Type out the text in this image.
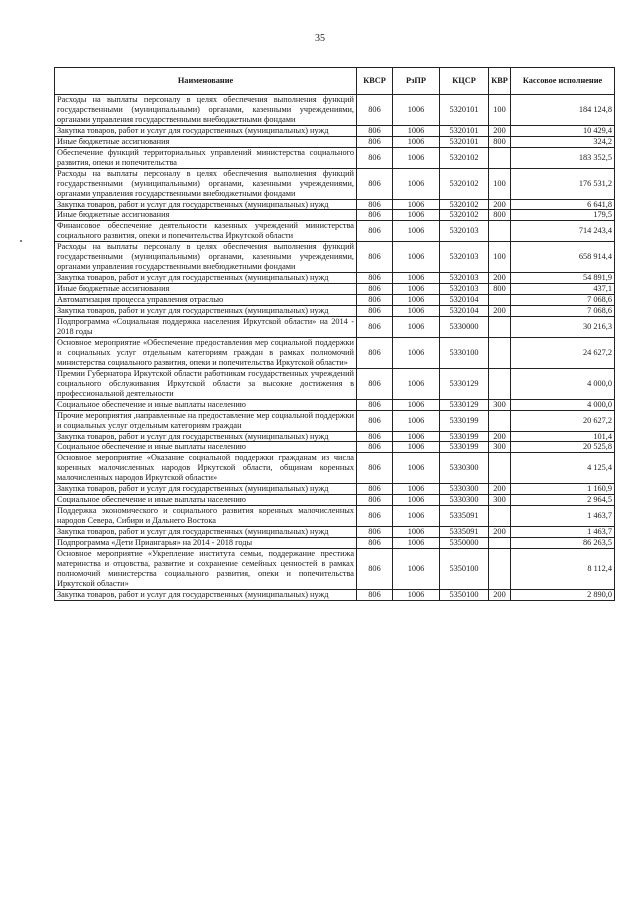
35
Наименование	КВСР	РзПР	КЦСР	КВР	Кассовое исполнение
Расходы на выплаты персоналу в целях обеспечения выполнения функций государственными (муниципальными) органами, казенными учреждениями, органами управления государственными внебюджетными фондами	806	1006	5320101	100	184 124,8
Закупка товаров, работ и услуг для государственных (муниципальных) нужд	806	1006	5320101	200	10 429,4
Иные бюджетные ассигнования	806	1006	5320101	800	324,2
Обеспечение функций территориальных управлений министерства социального развития, опеки и попечительства	806	1006	5320102		183 352,5
Расходы на выплаты персоналу в целях обеспечения выполнения функций государственными (муниципальными) органами, казенными учреждениями, органами управления государственными внебюджетными фондами	806	1006	5320102	100	176 531,2
Закупка товаров, работ и услуг для государственных (муниципальных) нужд	806	1006	5320102	200	6 641,8
Иные бюджетные ассигнования	806	1006	5320102	800	179,5
Финансовое обеспечение деятельности казенных учреждений министерства социального развития, опеки и попечительства Иркутской области	806	1006	5320103		714 243,4
Расходы на выплаты персоналу в целях обеспечения выполнения функций государственными (муниципальными) органами, казенными учреждениями, органами управления государственными внебюджетными фондами	806	1006	5320103	100	658 914,4
Закупка товаров, работ и услуг для государственных (муниципальных) нужд	806	1006	5320103	200	54 891,9
Иные бюджетные ассигнования	806	1006	5320103	800	437,1
Автоматизация процесса управления отраслью	806	1006	5320104		7 068,6
Закупка товаров, работ и услуг для государственных (муниципальных) нужд	806	1006	5320104	200	7 068,6
Подпрограмма «Социальная поддержка населения Иркутской области» на 2014 - 2018 годы	806	1006	5330000		30 216,3
Основное мероприятие «Обеспечение предоставления мер социальной поддержки и социальных услуг отдельным категориям граждан в рамках полномочий министерства социального развития, опеки и попечительства Иркутской области»	806	1006	5330100		24 627,2
Премии Губернатора Иркутской области работникам государственных учреждений социального обслуживания Иркутской области за высокие достижения в профессиональной деятельности	806	1006	5330129		4 000,0
Социальное обеспечение и иные выплаты населению	806	1006	5330129	300	4 000,0
Прочие мероприятия ,направленные на предоставление мер социальной поддержки и социальных услуг отдельным категориям граждан	806	1006	5330199		20 627,2
Закупка товаров, работ и услуг для государственных (муниципальных) нужд	806	1006	5330199	200	101,4
Социальное обеспечение и иные выплаты населению	806	1006	5330199	300	20 525,8
Основное мероприятие «Оказание социальной поддержки гражданам из числа коренных малочисленных народов Иркутской области, общинам коренных малочисленных народов Иркутской области»	806	1006	5330300		4 125,4
Закупка товаров, работ и услуг для государственных (муниципальных) нужд	806	1006	5330300	200	1 160,9
Социальное обеспечение и иные выплаты населению	806	1006	5330300	300	2 964,5
Поддержка экономического и социального развития коренных малочисленных народов Севера, Сибири и Дальнего Востока	806	1006	5335091		1 463,7
Закупка товаров, работ и услуг для государственных (муниципальных) нужд	806	1006	5335091	200	1 463,7
Подпрограмма «Дети Приангарья» на 2014 - 2018 годы	806	1006	5350000		86 263,5
Основное мероприятие «Укрепление института семьи, поддержание престижа материнства и отцовства, развитие и сохранение семейных ценностей в рамках полномочий министерства социального развития, опеки и попечительства Иркутской области»	806	1006	5350100		8 112,4
Закупка товаров, работ и услуг для государственных (муниципальных) нужд	806	1006	5350100	200	2 890,0
